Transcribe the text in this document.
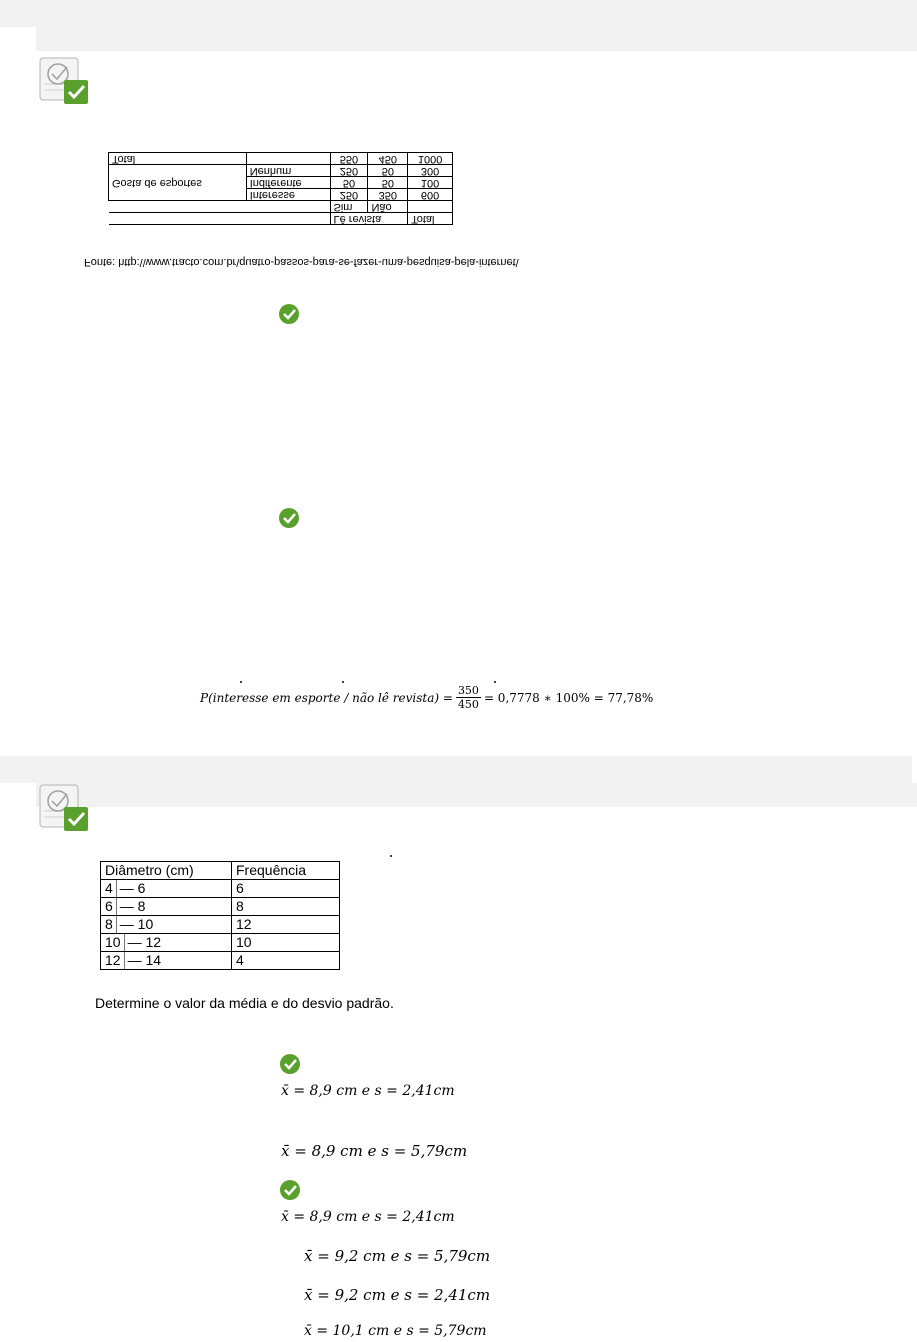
		Lê revista		Total
		Sim	Não	
Gosta de esportes	Interesse	250	350	600
	Indiferente	50	50	100
	Nenhum	250	50	300
Total		550	450	1000
Fonte: http:\\www.tracto.com.br\quatro-passos-para-se-fazer-uma-pesquisa-pela-internet\
P(interesse em esporte / não lê revista) = $\frac{350}{450} = 0,7778$ ∗ 100% = 77,78%
Diâmetro (cm)	Frequência

4 — 6	6

6 — 8	8

8 — 10	12

10 — 12	10

12 — 14	4
Determine o valor da média e do desvio padrão.
x̄ = 8,9 cm e s = 2,41cm
x̄ = 8,9 cm e s = 5,79cm
x̄ = 8,9 cm e s = 2,41cm
x̄ = 9,2 cm e s = 5,79cm
x̄ = 9,2 cm e s = 2,41cm
x̄ = 10,1 cm e s = 5,79cm
